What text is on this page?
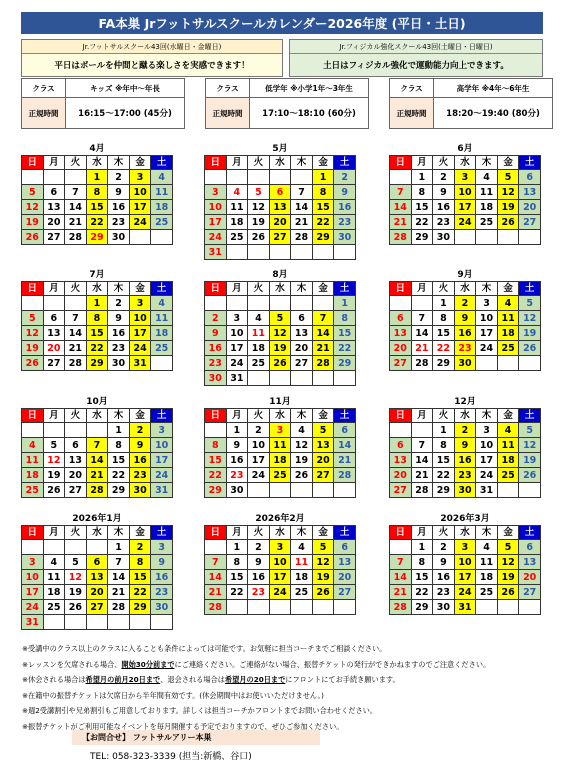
FA本巣 Jrフットサルスクールカレンダー2026年度 (平日・土日)
Jr.フットサルスクール43回(水曜日・金曜日)
平日はボールを仲間と蹴る楽しさを実感できます！
Jr.フィジカル強化スクール43回(土曜日・日曜日)
土日はフィジカル強化で運動能力向上できます。
クラス	キッズ ※年中～年長
正規時間	16:15～17:00 (45分)
クラス	低学年 ※小学1年～3年生
正規時間	17:10～18:10 (60分)
クラス	高学年 ※4年～6年生
正規時間	18:20～19:40 (80分)
4月
日	月	火	水	木	金	土
			1	2	3	4
5	6	7	8	9	10	11
12	13	14	15	16	17	18
19	20	21	22	23	24	25
26	27	28	29	30		
5月
日	月	火	水	木	金	土
					1	2
3	4	5	6	7	8	9
10	11	12	13	14	15	16
17	18	19	20	21	22	23
24	25	26	27	28	29	30
31						
6月
日	月	火	水	木	金	土
	1	2	3	4	5	6
7	8	9	10	11	12	13
14	15	16	17	18	19	20
21	22	23	24	25	26	27
28	29	30				
7月
日	月	火	水	木	金	土
			1	2	3	4
5	6	7	8	9	10	11
12	13	14	15	16	17	18
19	20	21	22	23	24	25
26	27	28	29	30	31	
8月
日	月	火	水	木	金	土
						1
2	3	4	5	6	7	8
9	10	11	12	13	14	15
16	17	18	19	20	21	22
23	24	25	26	27	28	29
30	31					
9月
日	月	火	水	木	金	土
		1	2	3	4	5
6	7	8	9	10	11	12
13	14	15	16	17	18	19
20	21	22	23	24	25	26
27	28	29	30			
10月
日	月	火	水	木	金	土
				1	2	3
4	5	6	7	8	9	10
11	12	13	14	15	16	17
18	19	20	21	22	23	24
25	26	27	28	29	30	31
11月
日	月	火	水	木	金	土
	1	2	3	4	5	6
8	9	10	11	12	13	14
15	16	17	18	19	20	21
22	23	24	25	26	27	28
29	30					
12月
日	月	火	水	木	金	土
		1	2	3	4	5
6	7	8	9	10	11	12
13	14	15	16	17	18	19
20	21	22	23	24	25	26
27	28	29	30	31		
2026年1月
日	月	火	水	木	金	土
				1	2	3
3	4	5	6	7	8	9
10	11	12	13	14	15	16
17	18	19	20	21	22	23
24	25	26	27	28	29	30
31						
2026年2月
日	月	火	水	木	金	土
	1	2	3	4	5	6
7	8	9	10	11	12	13
14	15	16	17	18	19	20
21	22	23	24	25	26	27
28						
2026年3月
日	月	火	水	木	金	土
	1	2	3	4	5	6
7	8	9	10	11	12	13
14	15	16	17	18	19	20
21	22	23	24	25	26	27
28	29	30	31			
※受講中のクラス以上のクラスに入ることも条件によっては可能です。お気軽に担当コーチまでご相談ください。
※レッスンを欠席される場合、開始30分前までにご連絡ください。ご連絡がない場合、振替チケットの発行ができかねますのでご注意ください。
※休会される場合は希望月の前月20日まで、退会される場合は希望月の20日までにフロントにてお手続き願います。
※在籍中の振替チケットは欠席日から半年間有効です。(休会期間中はお使いいただけません。)
※週2受講割引や兄弟割引もご用意しております。詳しくは担当コーチかフロントまでお問い合わせください。
※振替チケットがご利用可能なイベントを毎月開催する予定でおりますので、ぜひご参加ください。
【お問合せ】 フットサルアリー本巣
TEL: 058-323-3339 (担当:新橋、谷口)
